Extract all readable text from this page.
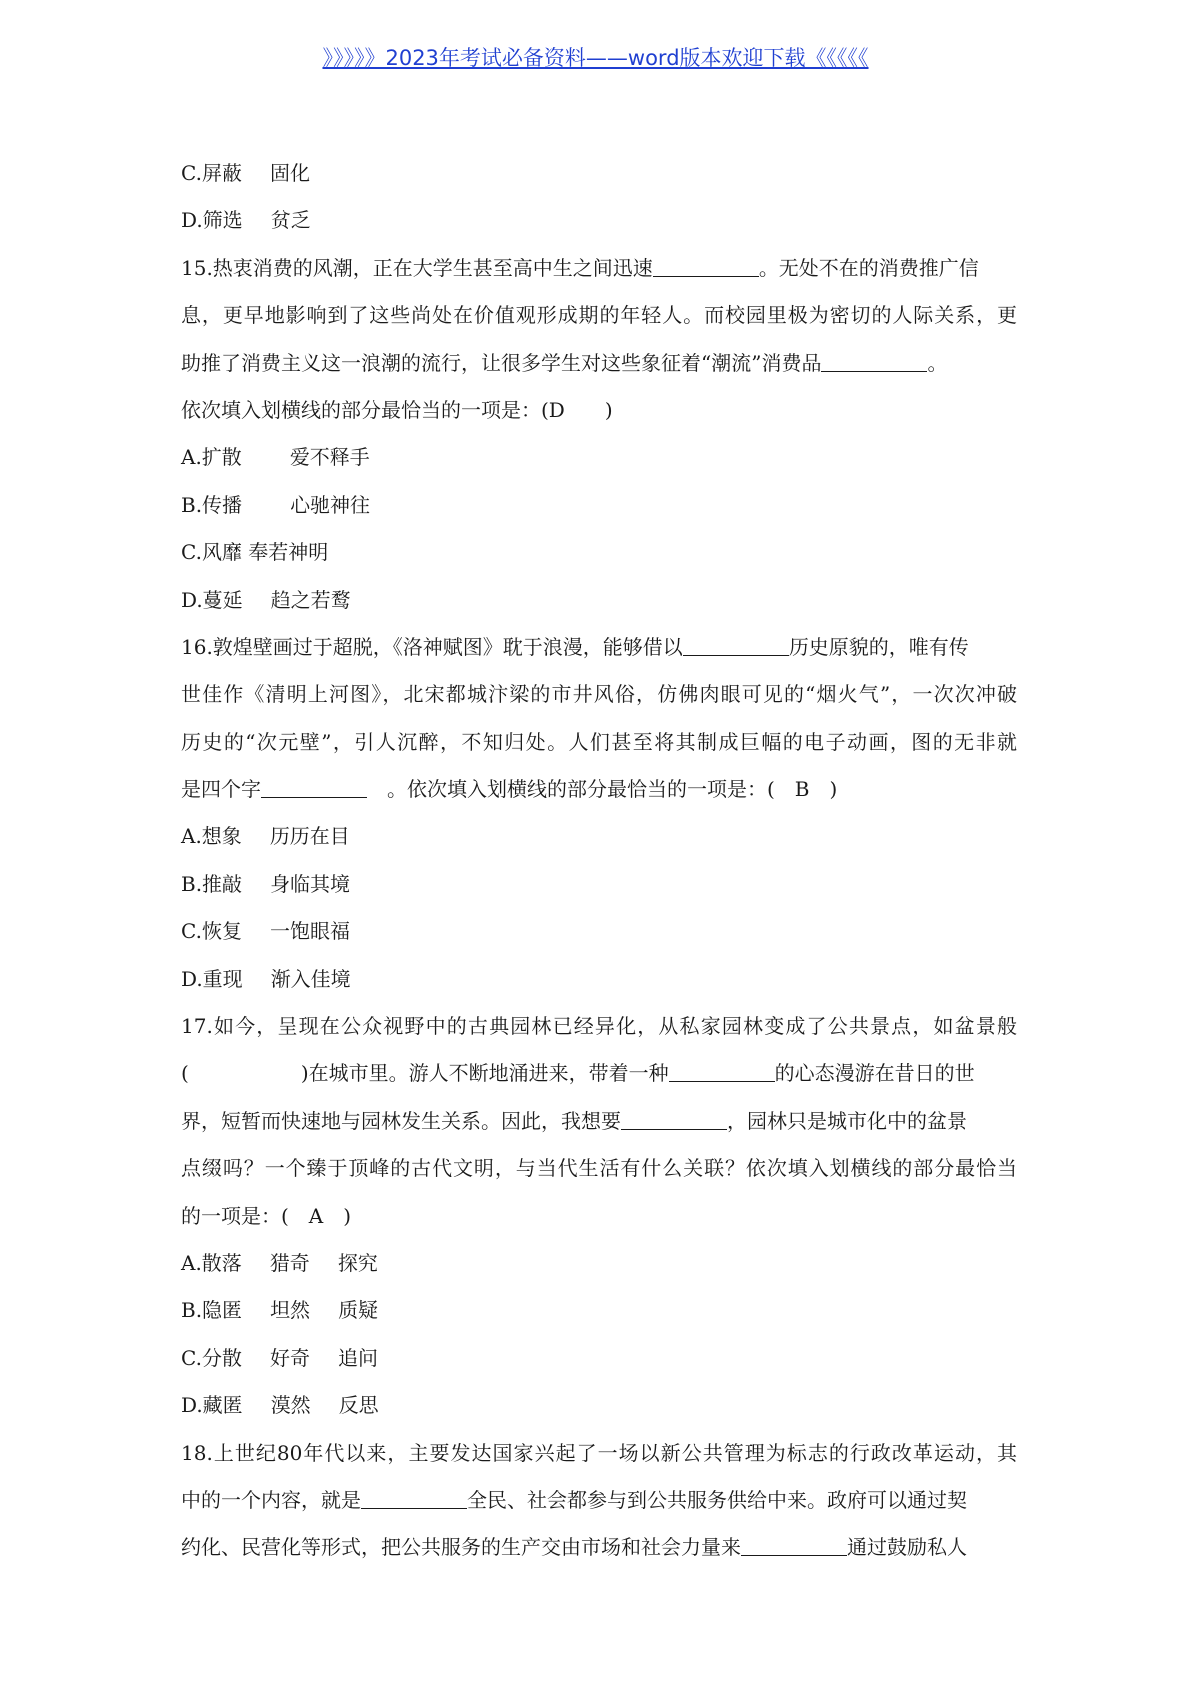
》》》》》2023年考试必备资料——word版本欢迎下载《《《《《
C.屏蔽 固化
D.筛选 贫乏
15.热衷消费的风潮，正在大学生甚至高中生之间迅速	。无处不在的消费推广信
息，更早地影响到了这些尚处在价值观形成期的年轻人。而校园里极为密切的人际关系，更
助推了消费主义这一浪潮的流行，让很多学生对这些象征着“潮流”消费品	。
依次填入划横线的部分最恰当的一项是：(D　　)
A.扩散 爱不释手
B.传播 心驰神往
C.风靡 奉若神明
D.蔓延 趋之若鹜
16.敦煌壁画过于超脱，《洛神赋图》耽于浪漫，能够借以	历史原貌的，唯有传
世佳作《清明上河图》，北宋都城汴梁的市井风俗，仿佛肉眼可见的“烟火气”，一次次冲破
历史的“次元壁”，引人沉醉，不知归处。人们甚至将其制成巨幅的电子动画，图的无非就
是四个字	　。依次填入划横线的部分最恰当的一项是：(　B　)
A.想象 历历在目
B.推敲 身临其境
C.恢复 一饱眼福
D.重现 渐入佳境
17.如今，呈现在公众视野中的古典园林已经异化，从私家园林变成了公共景点，如盆景般
(	)在城市里。游人不断地涌进来，带着一种	的心态漫游在昔日的世
界，短暂而快速地与园林发生关系。因此，我想要	，园林只是城市化中的盆景
点缀吗？一个臻于顶峰的古代文明，与当代生活有什么关联？依次填入划横线的部分最恰当
的一项是：(　A　)
A.散落 猎奇 探究
B.隐匿 坦然 质疑
C.分散 好奇 追问
D.藏匿 漠然 反思
18.上世纪80年代以来，主要发达国家兴起了一场以新公共管理为标志的行政改革运动，其
中的一个内容，就是	全民、社会都参与到公共服务供给中来。政府可以通过契
约化、民营化等形式，把公共服务的生产交由市场和社会力量来	通过鼓励私人
